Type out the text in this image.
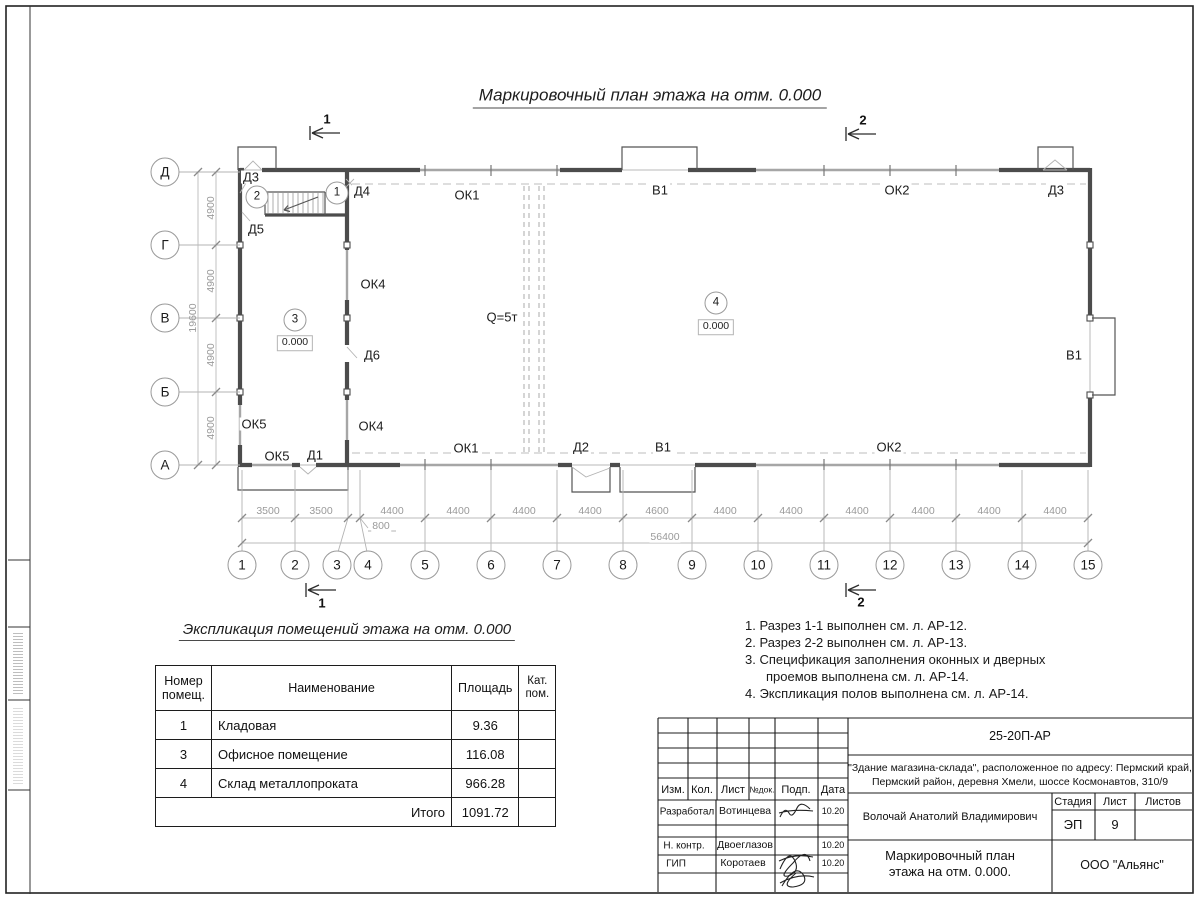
Маркировочный план этажа на отм. 0.000
Экспликация помещений этажа на отм. 0.000
Д
Г
В
Б
А
1	2	3	4	5	6	7	8	9	10	11	12	13	14	15
4900
4900
4900
4900
19600
3500	3500	4400	4400	4400	4400	4600	4400	4400	4400	4400	4400	4400
800
56400
1	2
1	2
Д3
2
Д5
Д4
1	ОК1	В1	ОК2	Д3
ОК4
3
0.000
Д6
Q=5т
4
0.000
ОК5	ОК4
ОК5 Д1	ОК1	Д2	В1	ОК2
В1
Номер помещ.	Наименование	Площадь	Кат. пом.
1	Кладовая	9.36	
3	Офисное помещение	116.08	
4	Склад металлопроката	966.28	
Итого		1091.72	
1. Разрез 1-1 выполнен см. л. АР-12.
2. Разрез 2-2 выполнен см. л. АР-13.
3. Спецификация заполнения оконных и дверных
проемов выполнена см. л. АР-14.
4. Экспликация полов выполнена см. л. АР-14.
25-20П-АР
"Здание магазина-склада", расположенное по адресу: Пермский край,
Пермский район, деревня Хмели, шоссе Космонавтов, 310/9
Изм. Кол. Лист №док. Подп. Дата
Разработал Вотинцева	10.20
Н. контр. Двоеглазов	10.20
ГИП	Коротаев	10.20
Волочай Анатолий Владимирович
Стадия Лист Листов
ЭП 9
Маркировочный план
этажа на отм. 0.000.	ООО "Альянс"
